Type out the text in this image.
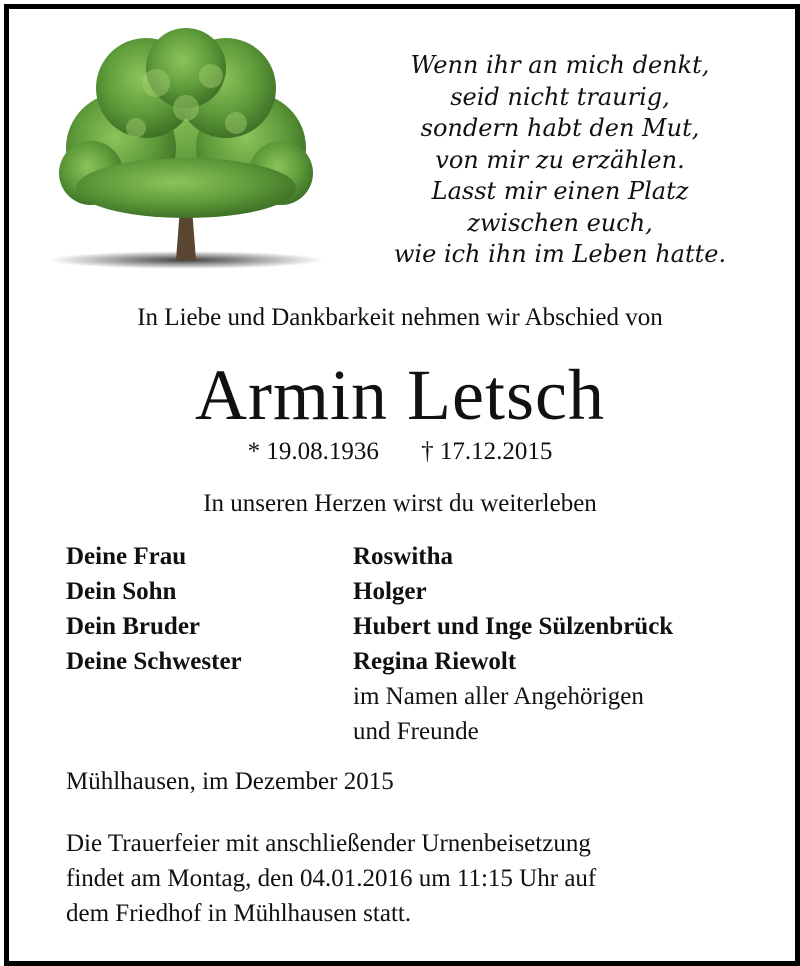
Wenn ihr an mich denkt,
seid nicht traurig,
sondern habt den Mut,
von mir zu erzählen.
Lasst mir einen Platz
zwischen euch,
wie ich ihn im Leben hatte.
In Liebe und Dankbarkeit nehmen wir Abschied von
Armin Letsch
* 19.08.1936 † 17.12.2015
In unseren Herzen wirst du weiterleben
Deine Frau
Dein Sohn
Dein Bruder
Deine Schwester
Roswitha
Holger
Hubert und Inge Sülzenbrück
Regina Riewolt
im Namen aller Angehörigen
und Freunde
Mühlhausen, im Dezember 2015
Die Trauerfeier mit anschließender Urnenbeisetzung
findet am Montag, den 04.01.2016 um 11:15 Uhr auf
dem Friedhof in Mühlhausen statt.
